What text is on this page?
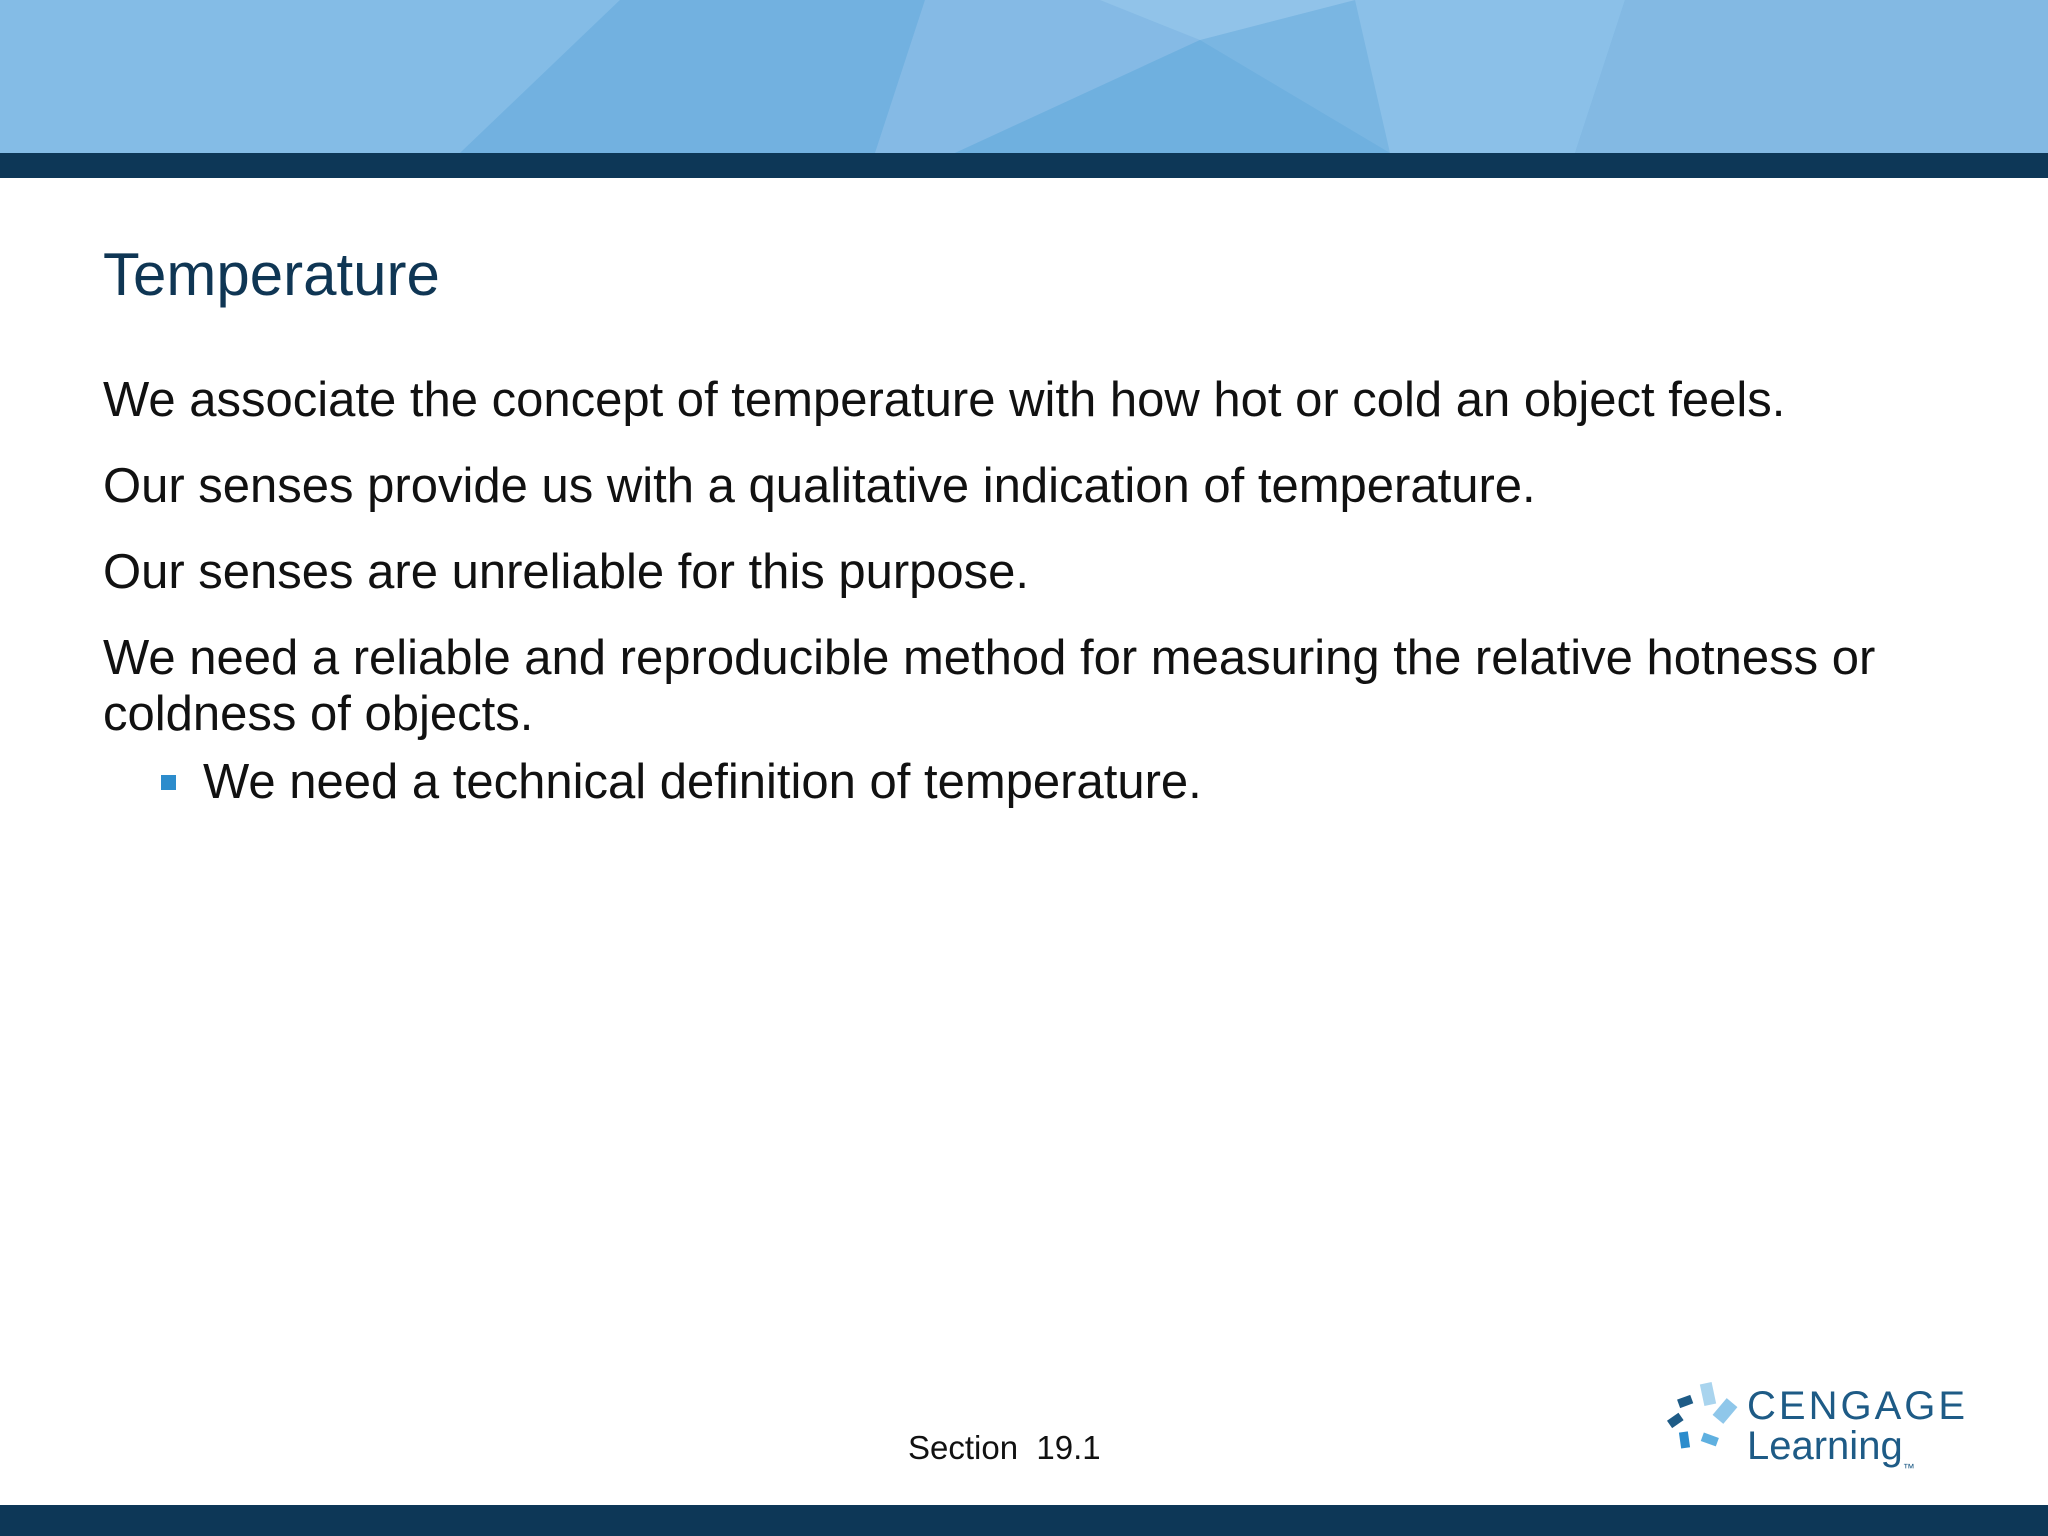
Temperature

We associate the concept of temperature with how hot or cold an object feels.

Our senses provide us with a qualitative indication of temperature.

Our senses are unreliable for this purpose.

We need a reliable and reproducible method for measuring the relative hotness or coldness of objects.

We need a technical definition of temperature.
Section  19.1
CENGAGE
Learning™
